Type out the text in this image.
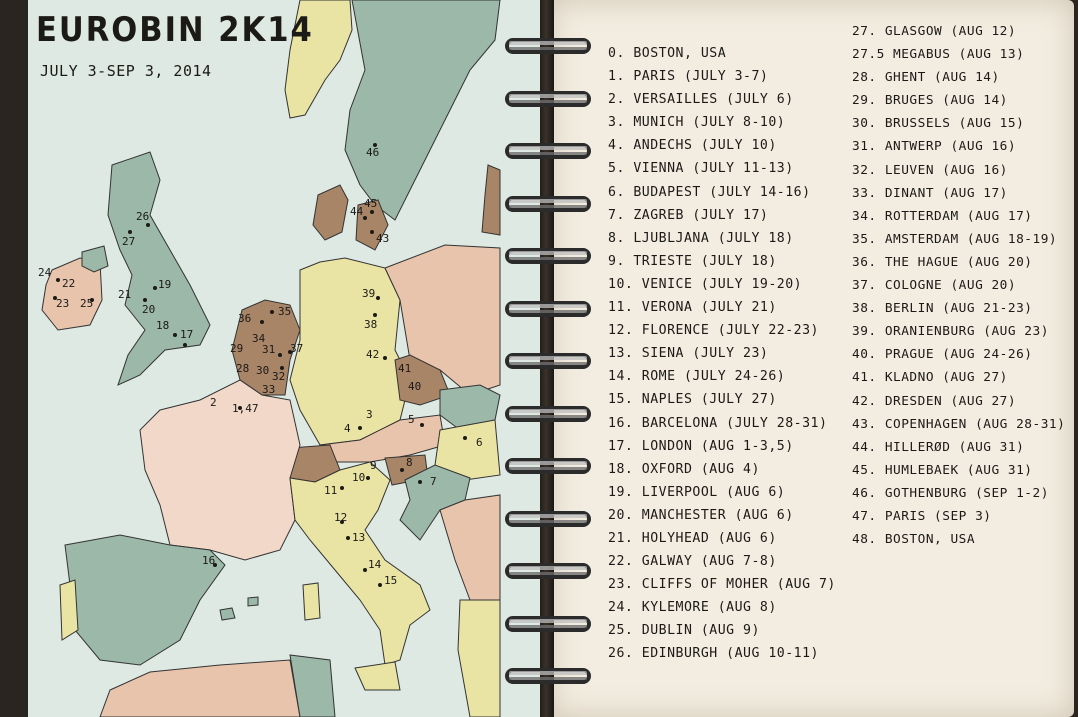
46
26
27
24
22
23 25
21
19
20
18
17
44
45
43
36
35
39
38
34
29 31 37	42
28 30 32
33
41
40
2 1,47
5
4
3
6
8
9
10
11
7
12
13
14
15
16
EUROBIN 2K14
JULY 3-SEP 3, 2014
0. BOSTON, USA
1. PARIS (JULY 3-7)
2. VERSAILLES (JULY 6)
3. MUNICH (JULY 8-10)
4. ANDECHS (JULY 10)
5. VIENNA (JULY 11-13)
6. BUDAPEST (JULY 14-16)
7. ZAGREB (JULY 17)
8. LJUBLJANA (JULY 18)
9. TRIESTE (JULY 18)
10. VENICE (JULY 19-20)
11. VERONA (JULY 21)
12. FLORENCE (JULY 22-23)
13. SIENA (JULY 23)
14. ROME (JULY 24-26)
15. NAPLES (JULY 27)
16. BARCELONA (JULY 28-31)
17. LONDON (AUG 1-3,5)
18. OXFORD (AUG 4)
19. LIVERPOOL (AUG 6)
20. MANCHESTER (AUG 6)
21. HOLYHEAD (AUG 6)
22. GALWAY (AUG 7-8)
23. CLIFFS OF MOHER (AUG 7)
24. KYLEMORE (AUG 8)
25. DUBLIN (AUG 9)
26. EDINBURGH (AUG 10-11)
27. GLASGOW (AUG 12)
27.5 MEGABUS (AUG 13)
28. GHENT (AUG 14)
29. BRUGES (AUG 14)
30. BRUSSELS (AUG 15)
31. ANTWERP (AUG 16)
32. LEUVEN (AUG 16)
33. DINANT (AUG 17)
34. ROTTERDAM (AUG 17)
35. AMSTERDAM (AUG 18-19)
36. THE HAGUE (AUG 20)
37. COLOGNE (AUG 20)
38. BERLIN (AUG 21-23)
39. ORANIENBURG (AUG 23)
40. PRAGUE (AUG 24-26)
41. KLADNO (AUG 27)
42. DRESDEN (AUG 27)
43. COPENHAGEN (AUG 28-31)
44. HILLERØD (AUG 31)
45. HUMLEBAEK (AUG 31)
46. GOTHENBURG (SEP 1-2)
47. PARIS (SEP 3)
48. BOSTON, USA
